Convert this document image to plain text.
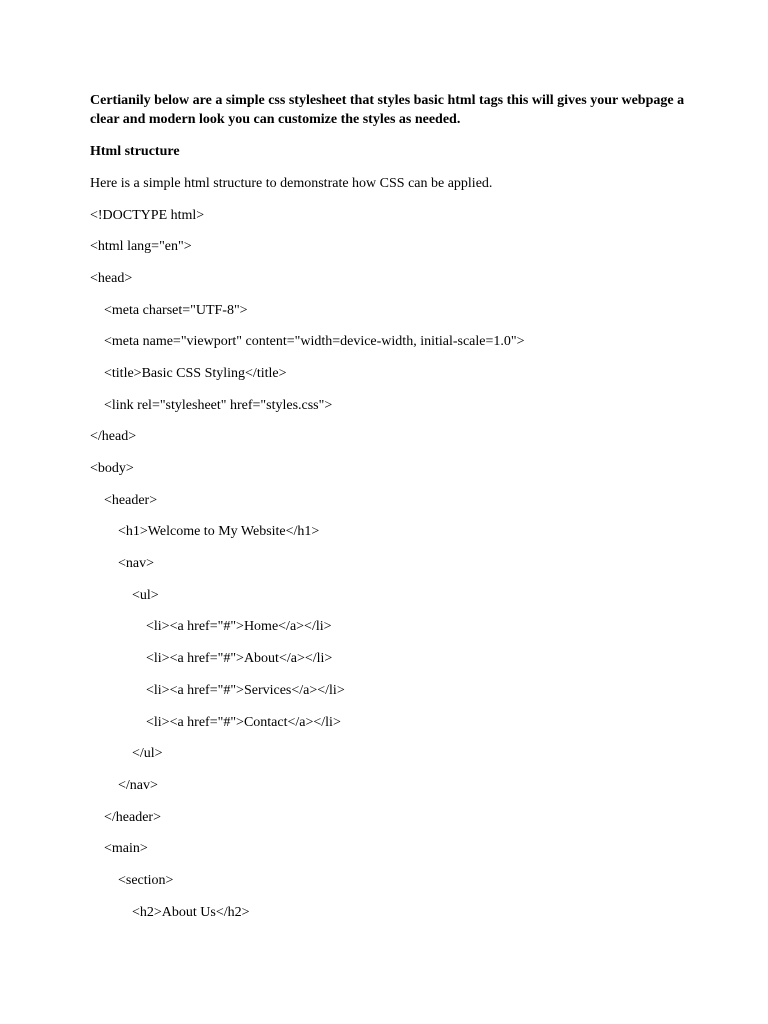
Certianily below are a simple css stylesheet that styles basic html tags this will gives your webpage a clear and modern look you can customize the styles as needed.

Html structure

Here is a simple html structure to demonstrate how CSS can be applied.

<!DOCTYPE html>
<html lang="en">
<head>
<meta charset="UTF-8">
<meta name="viewport" content="width=device-width, initial-scale=1.0">
<title>Basic CSS Styling</title>
<link rel="stylesheet" href="styles.css">
</head>
<body>
<header>
<h1>Welcome to My Website</h1>
<nav>
<ul>
<li><a href="#">Home</a></li>
<li><a href="#">About</a></li>
<li><a href="#">Services</a></li>
<li><a href="#">Contact</a></li>
</ul>
</nav>
</header>
<main>
<section>
<h2>About Us</h2>
